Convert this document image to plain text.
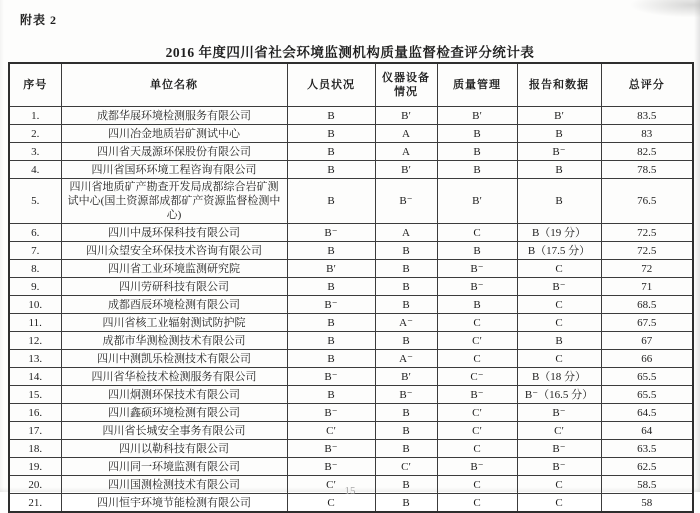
附表 2
2016 年度四川省社会环境监测机构质量监督检查评分统计表
序号	单位名称	人员状况	仪器设备情况	质量管理	报告和数据	总评分
1.	成都华展环境检测服务有限公司	B	B′	B′	B′	83.5
2.	四川冶金地质岩矿测试中心	B	A	B	B	83
3.	四川省天晟源环保股份有限公司	B	A	B	B⁻	82.5
4.	四川省国环环境工程咨询有限公司	B	B′	B	B	78.5
5.	四川省地质矿产勘查开发局成都综合岩矿测试中心(国土资源部成都矿产资源监督检测中心)	B	B⁻	B′	B	76.5
6.	四川中晟环保科技有限公司	B⁻	A	C	B（19 分）	72.5
7.	四川众望安全环保技术咨询有限公司	B	B	B	B（17.5 分）	72.5
8.	四川省工业环境监测研究院	B′	B	B⁻	C	72
9.	四川劳研科技有限公司	B	B	B⁻	B⁻	71
10.	成都酉辰环境检测有限公司	B⁻	B	B	C	68.5
11.	四川省核工业辐射测试防护院	B	A⁻	C	C	67.5
12.	成都市华测检测技术有限公司	B	B	C′	B	67
13.	四川中测凯乐检测技术有限公司	B	A⁻	C	C	66
14.	四川省华检技术检测服务有限公司	B⁻	B′	C⁻	B（18 分）	65.5
15.	四川炯测环保技术有限公司	B	B⁻	B⁻	B⁻（16.5 分）	65.5
16.	四川鑫硕环境检测有限公司	B⁻	B	C′	B⁻	64.5
17.	四川省长城安全事务有限公司	C′	B	C′	C′	64
18.	四川以勒科技有限公司	B⁻	B	C	B⁻	63.5
19.	四川同一环境监测有限公司	B⁻	C′	B⁻	B⁻	62.5
20.	四川国测检测技术有限公司	C′	B	C	C	58.5
21.	四川恒宇环境节能检测有限公司	C	B	C	C	58
15
